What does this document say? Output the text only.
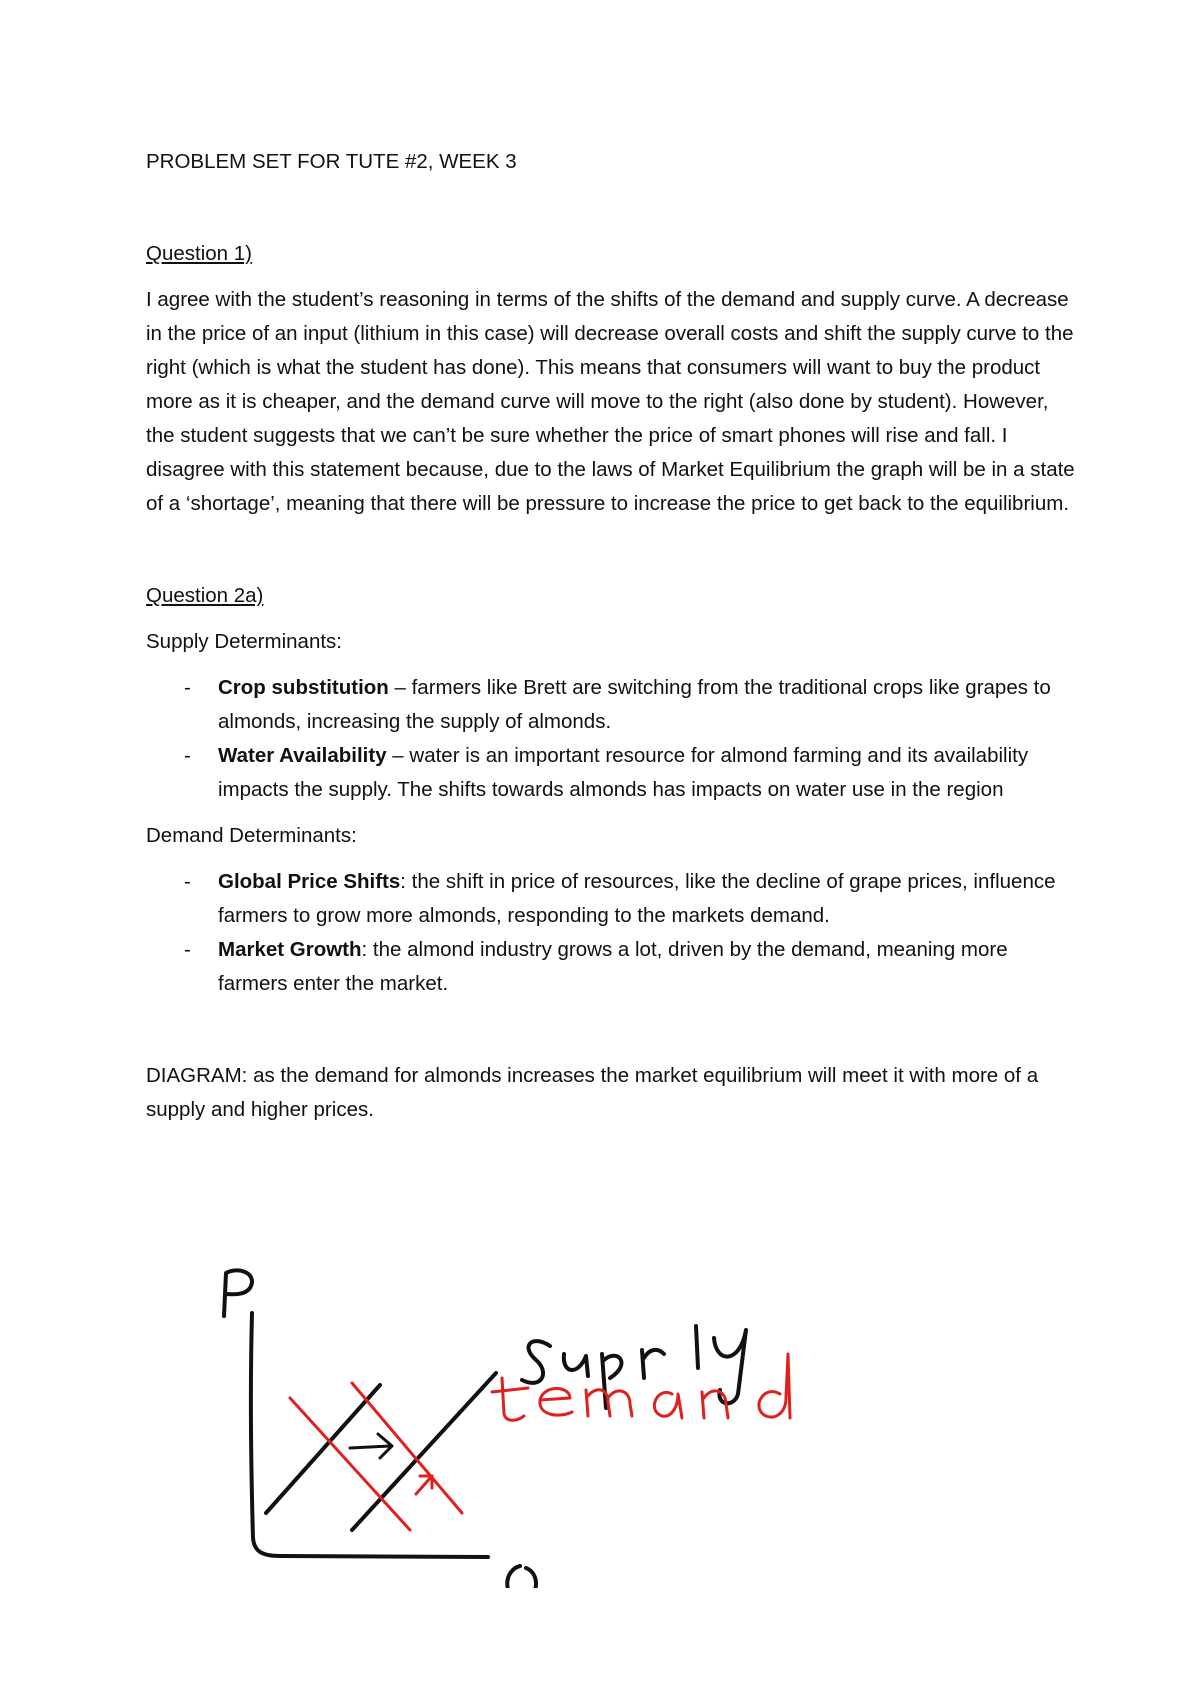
PROBLEM SET FOR TUTE #2, WEEK 3

Question 1)

I agree with the student’s reasoning in terms of the shifts of the demand and supply curve. A decrease in the price of an input (lithium in this case) will decrease overall costs and shift the supply curve to the right (which is what the student has done). This means that consumers will want to buy the product more as it is cheaper, and the demand curve will move to the right (also done by student). However, the student suggests that we can’t be sure whether the price of smart phones will rise and fall. I disagree with this statement because, due to the laws of Market Equilibrium the graph will be in a state of a ‘shortage’, meaning that there will be pressure to increase the price to get back to the equilibrium.

Question 2a)

Supply Determinants:

- Crop substitution – farmers like Brett are switching from the traditional crops like grapes to almonds, increasing the supply of almonds.
- Water Availability – water is an important resource for almond farming and its availability impacts the supply. The shifts towards almonds has impacts on water use in the region

Demand Determinants:

- Global Price Shifts: the shift in price of resources, like the decline of grape prices, influence farmers to grow more almonds, responding to the markets demand.
- Market Growth: the almond industry grows a lot, driven by the demand, meaning more farmers enter the market.

DIAGRAM: as the demand for almonds increases the market equilibrium will meet it with more of a supply and higher prices.
